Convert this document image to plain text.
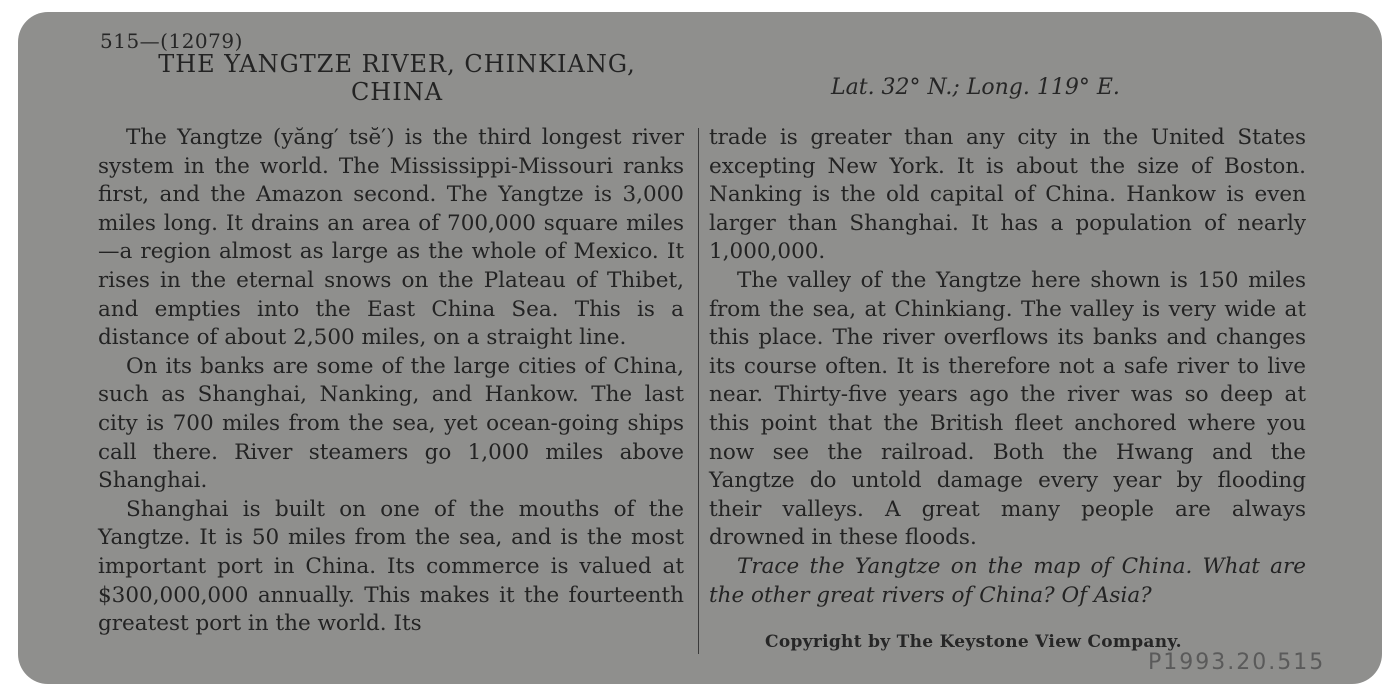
515—(12079)
THE YANGTZE RIVER, CHINKIANG,
CHINA	Lat. 32° N.; Long. 119° E.

The Yangtze (yăng′ tsĕ′) is the third longest river system in the world. The Mississippi-Missouri ranks first, and the Amazon second. The Yangtze is 3,000 miles long. It drains an area of 700,000 square miles—a region almost as large as the whole of Mexico. It rises in the eternal snows on the Plateau of Thibet, and empties into the East China Sea. This is a distance of about 2,500 miles, on a straight line.

On its banks are some of the large cities of China, such as Shanghai, Nanking, and Hankow. The last city is 700 miles from the sea, yet ocean-going ships call there. River steamers go 1,000 miles above Shanghai.

Shanghai is built on one of the mouths of the Yangtze. It is 50 miles from the sea, and is the most important port in China. Its commerce is valued at $300,000,000 annually. This makes it the fourteenth greatest port in the world. Its

trade is greater than any city in the United States excepting New York. It is about the size of Boston. Nanking is the old capital of China. Hankow is even larger than Shanghai. It has a population of nearly 1,000,000.

The valley of the Yangtze here shown is 150 miles from the sea, at Chinkiang. The valley is very wide at this place. The river overflows its banks and changes its course often. It is therefore not a safe river to live near. Thirty-five years ago the river was so deep at this point that the British fleet anchored where you now see the railroad. Both the Hwang and the Yangtze do untold damage every year by flooding their valleys. A great many people are always drowned in these floods.

Trace the Yangtze on the map of China. What are the other great rivers of China? Of Asia?

Copyright by The Keystone View Company.
P1993.20.515
